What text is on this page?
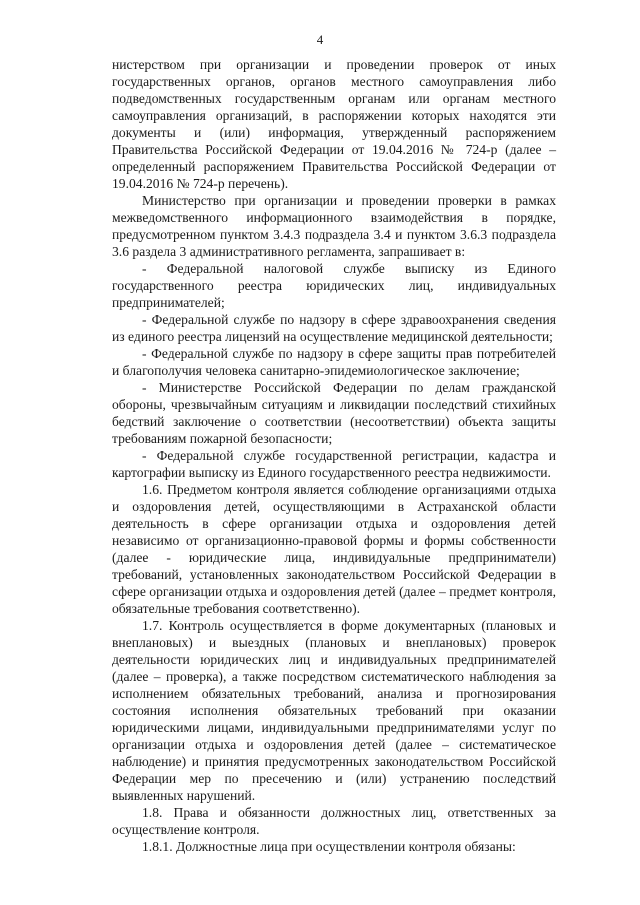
4

нистерством при организации и проведении проверок от иных государственных органов, органов местного самоуправления либо подведомственных государственным органам или органам местного самоуправления организаций, в распоряжении которых находятся эти документы и (или) информация, утвержденный распоряжением Правительства Российской Федерации от 19.04.2016 № 724-р (далее – определенный распоряжением Правительства Российской Федерации от 19.04.2016 № 724-р перечень).

Министерство при организации и проведении проверки в рамках межведомственного информационного взаимодействия в порядке, предусмотренном пунктом 3.4.3 подраздела 3.4 и пунктом 3.6.3 подраздела 3.6 раздела 3 административного регламента, запрашивает в:

- Федеральной налоговой службе выписку из Единого государственного реестра юридических лиц, индивидуальных предпринимателей;

- Федеральной службе по надзору в сфере здравоохранения сведения из единого реестра лицензий на осуществление медицинской деятельности;

- Федеральной службе по надзору в сфере защиты прав потребителей и благополучия человека санитарно-эпидемиологическое заключение;

- Министерстве Российской Федерации по делам гражданской обороны, чрезвычайным ситуациям и ликвидации последствий стихийных бедствий заключение о соответствии (несоответствии) объекта защиты требованиям пожарной безопасности;

- Федеральной службе государственной регистрации, кадастра и картографии выписку из Единого государственного реестра недвижимости.

1.6. Предметом контроля является соблюдение организациями отдыха и оздоровления детей, осуществляющими в Астраханской области деятельность в сфере организации отдыха и оздоровления детей независимо от организационно-правовой формы и формы собственности (далее - юридические лица, индивидуальные предприниматели) требований, установленных законодательством Российской Федерации в сфере организации отдыха и оздоровления детей (далее – предмет контроля, обязательные требования соответственно).

1.7. Контроль осуществляется в форме документарных (плановых и внеплановых) и выездных (плановых и внеплановых) проверок деятельности юридических лиц и индивидуальных предпринимателей (далее – проверка), а также посредством систематического наблюдения за исполнением обязательных требований, анализа и прогнозирования состояния исполнения обязательных требований при оказании юридическими лицами, индивидуальными предпринимателями услуг по организации отдыха и оздоровления детей (далее – систематическое наблюдение) и принятия предусмотренных законодательством Российской Федерации мер по пресечению и (или) устранению последствий выявленных нарушений.

1.8. Права и обязанности должностных лиц, ответственных за осуществление контроля.

1.8.1. Должностные лица при осуществлении контроля обязаны:
